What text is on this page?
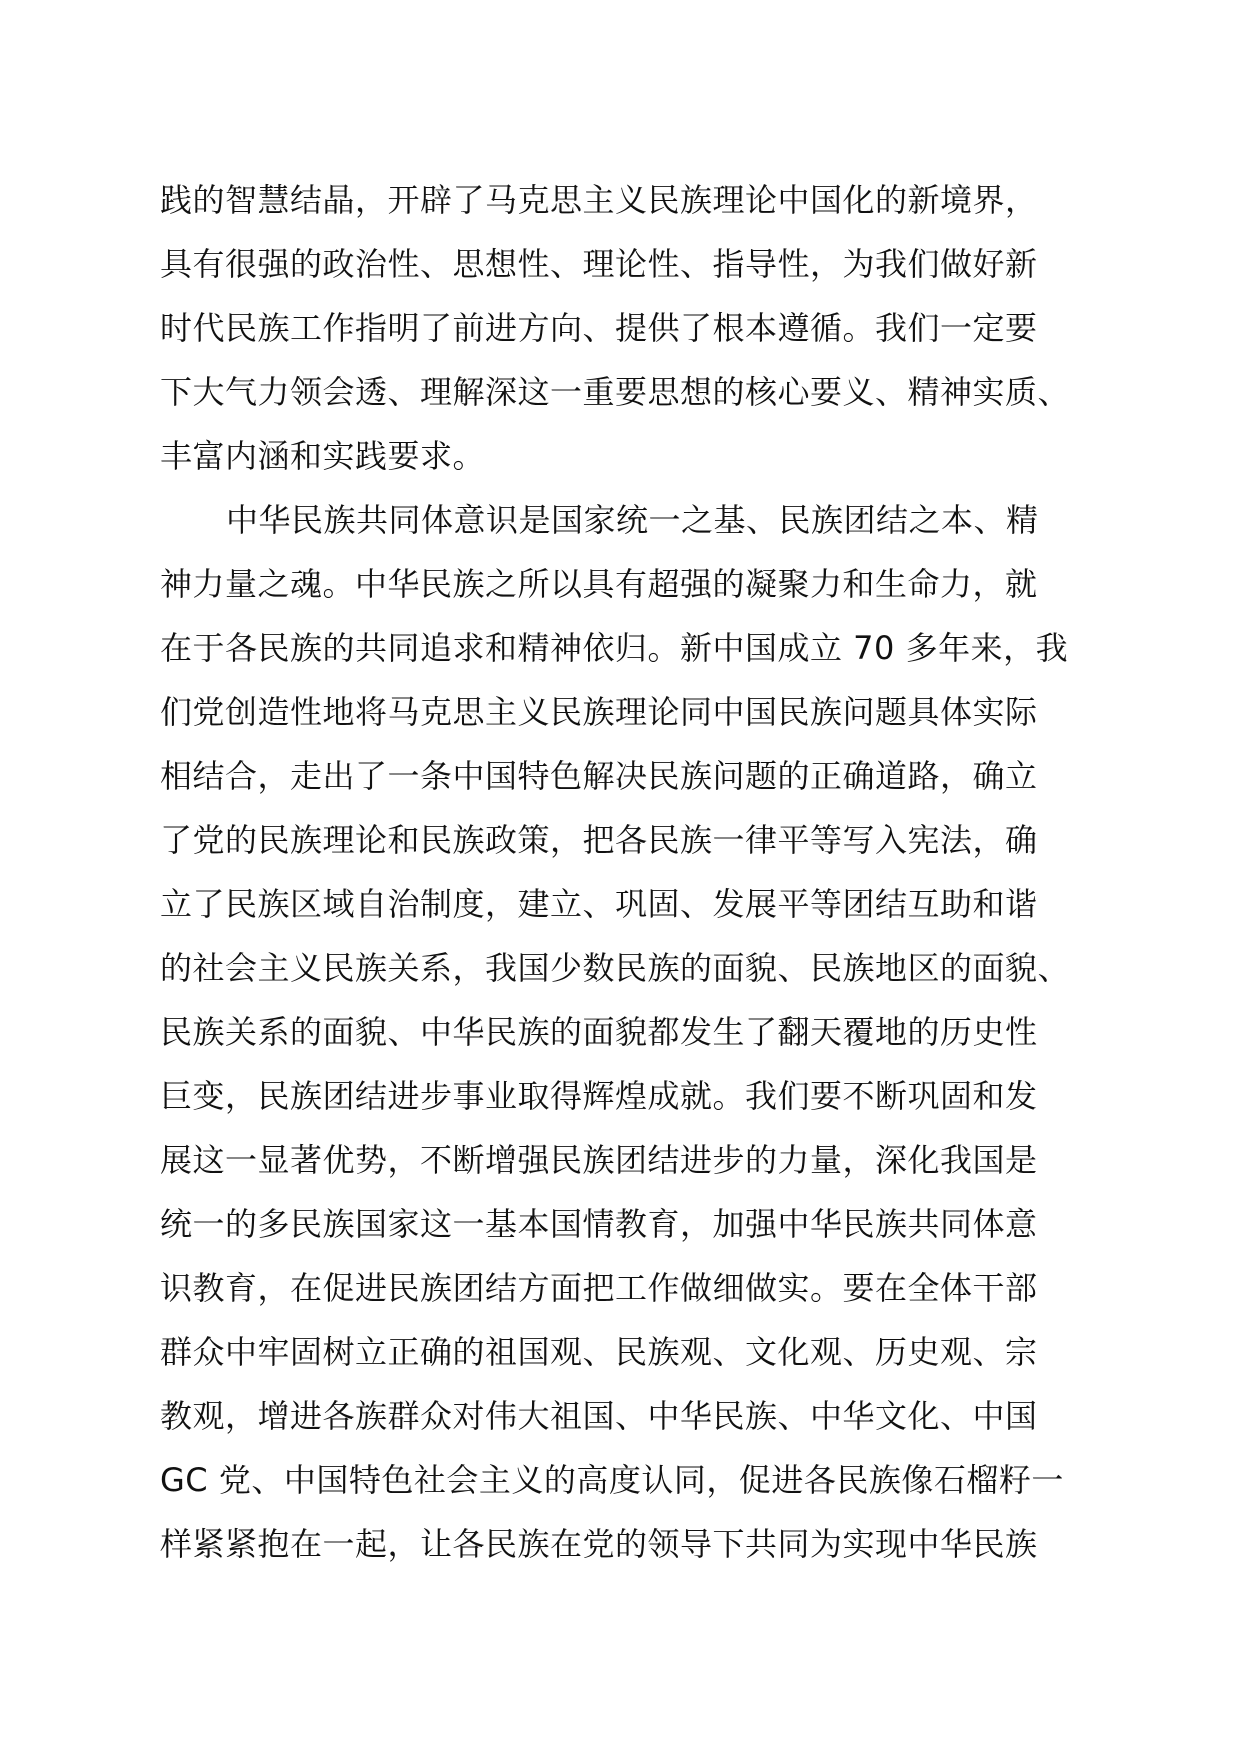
践的智慧结晶，开辟了马克思主义民族理论中国化的新境界，
具有很强的政治性、思想性、理论性、指导性，为我们做好新
时代民族工作指明了前进方向、提供了根本遵循。我们一定要
下大气力领会透、理解深这一重要思想的核心要义、精神实质、
丰富内涵和实践要求。
中华民族共同体意识是国家统一之基、民族团结之本、精
神力量之魂。中华民族之所以具有超强的凝聚力和生命力，就
在于各民族的共同追求和精神依归。新中国成立 70 多年来，我
们党创造性地将马克思主义民族理论同中国民族问题具体实际
相结合，走出了一条中国特色解决民族问题的正确道路，确立
了党的民族理论和民族政策，把各民族一律平等写入宪法，确
立了民族区域自治制度，建立、巩固、发展平等团结互助和谐
的社会主义民族关系，我国少数民族的面貌、民族地区的面貌、
民族关系的面貌、中华民族的面貌都发生了翻天覆地的历史性
巨变，民族团结进步事业取得辉煌成就。我们要不断巩固和发
展这一显著优势，不断增强民族团结进步的力量，深化我国是
统一的多民族国家这一基本国情教育，加强中华民族共同体意
识教育，在促进民族团结方面把工作做细做实。要在全体干部
群众中牢固树立正确的祖国观、民族观、文化观、历史观、宗
教观，增进各族群众对伟大祖国、中华民族、中华文化、中国
GC 党、中国特色社会主义的高度认同，促进各民族像石榴籽一
样紧紧抱在一起，让各民族在党的领导下共同为实现中华民族
